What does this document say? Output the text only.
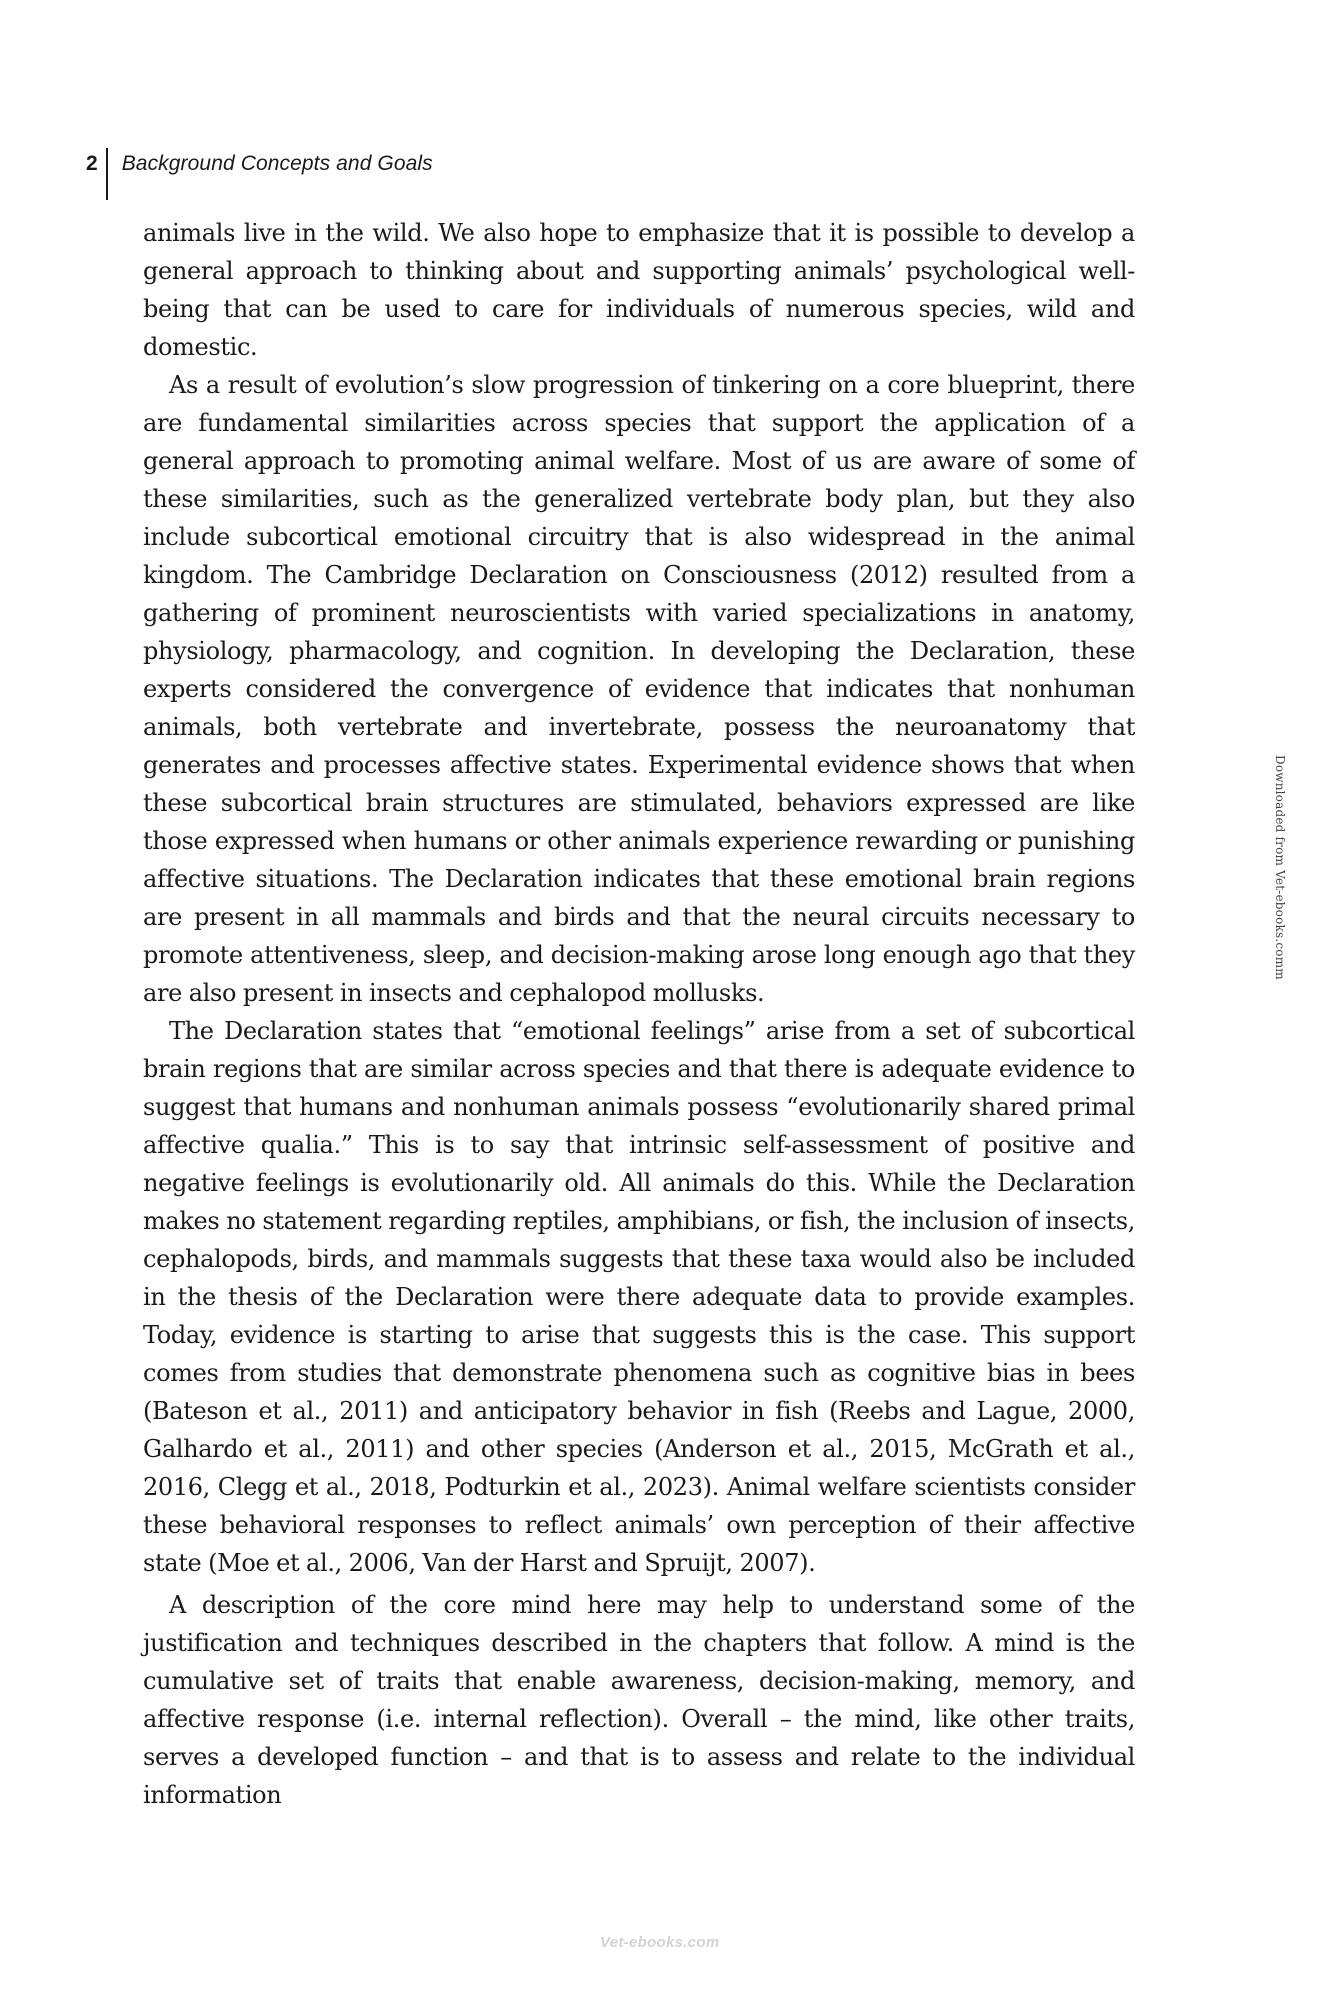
2	Background Concepts and Goals

animals live in the wild. We also hope to emphasize that it is possible to develop a general approach to thinking about and supporting animals’ psychological well-being that can be used to care for individuals of numerous species, wild and domestic.

As a result of evolution’s slow progression of tinkering on a core blueprint, there are fundamental similarities across species that support the application of a general approach to promoting animal welfare. Most of us are aware of some of these similarities, such as the generalized vertebrate body plan, but they also include subcortical emotional circuitry that is also widespread in the animal kingdom. The Cambridge Declaration on Consciousness (2012) resulted from a gathering of prominent neuroscientists with varied specializations in anatomy, physiology, pharmacology, and cognition. In developing the Declaration, these experts considered the convergence of evidence that indicates that nonhuman animals, both vertebrate and invertebrate, possess the neuroanatomy that generates and processes affective states. Experimental evidence shows that when these subcortical brain structures are stimulated, behaviors expressed are like those expressed when humans or other animals experience rewarding or punishing affective situations. The Declaration indicates that these emotional brain regions are present in all mammals and birds and that the neural circuits necessary to promote attentiveness, sleep, and decision-making arose long enough ago that they are also present in insects and cephalopod mollusks.

The Declaration states that “emotional feelings” arise from a set of subcortical brain regions that are similar across species and that there is adequate evidence to suggest that humans and nonhuman animals possess “evolutionarily shared primal affective qualia.” This is to say that intrinsic self-assessment of positive and negative feelings is evolutionarily old. All animals do this. While the Declaration makes no statement regarding reptiles, amphibians, or fish, the inclusion of insects, cephalopods, birds, and mammals suggests that these taxa would also be included in the thesis of the Declaration were there adequate data to provide examples. Today, evidence is starting to arise that suggests this is the case. This support comes from studies that demonstrate phenomena such as cognitive bias in bees (Bateson et al., 2011) and anticipatory behavior in fish (Reebs and Lague, 2000, Galhardo et al., 2011) and other species (Anderson et al., 2015, McGrath et al., 2016, Clegg et al., 2018, Podturkin et al., 2023). Animal welfare scientists consider these behavioral responses to reflect animals’ own perception of their affective state (Moe et al., 2006, Van der Harst and Spruijt, 2007).

A description of the core mind here may help to understand some of the justification and techniques described in the chapters that follow. A mind is the cumulative set of traits that enable awareness, decision-making, memory, and affective response (i.e. internal reflection). Overall – the mind, like other traits, serves a developed function – and that is to assess and relate to the individual information

Downloaded from Vet-ebooks.comm
Vet-ebooks.com
